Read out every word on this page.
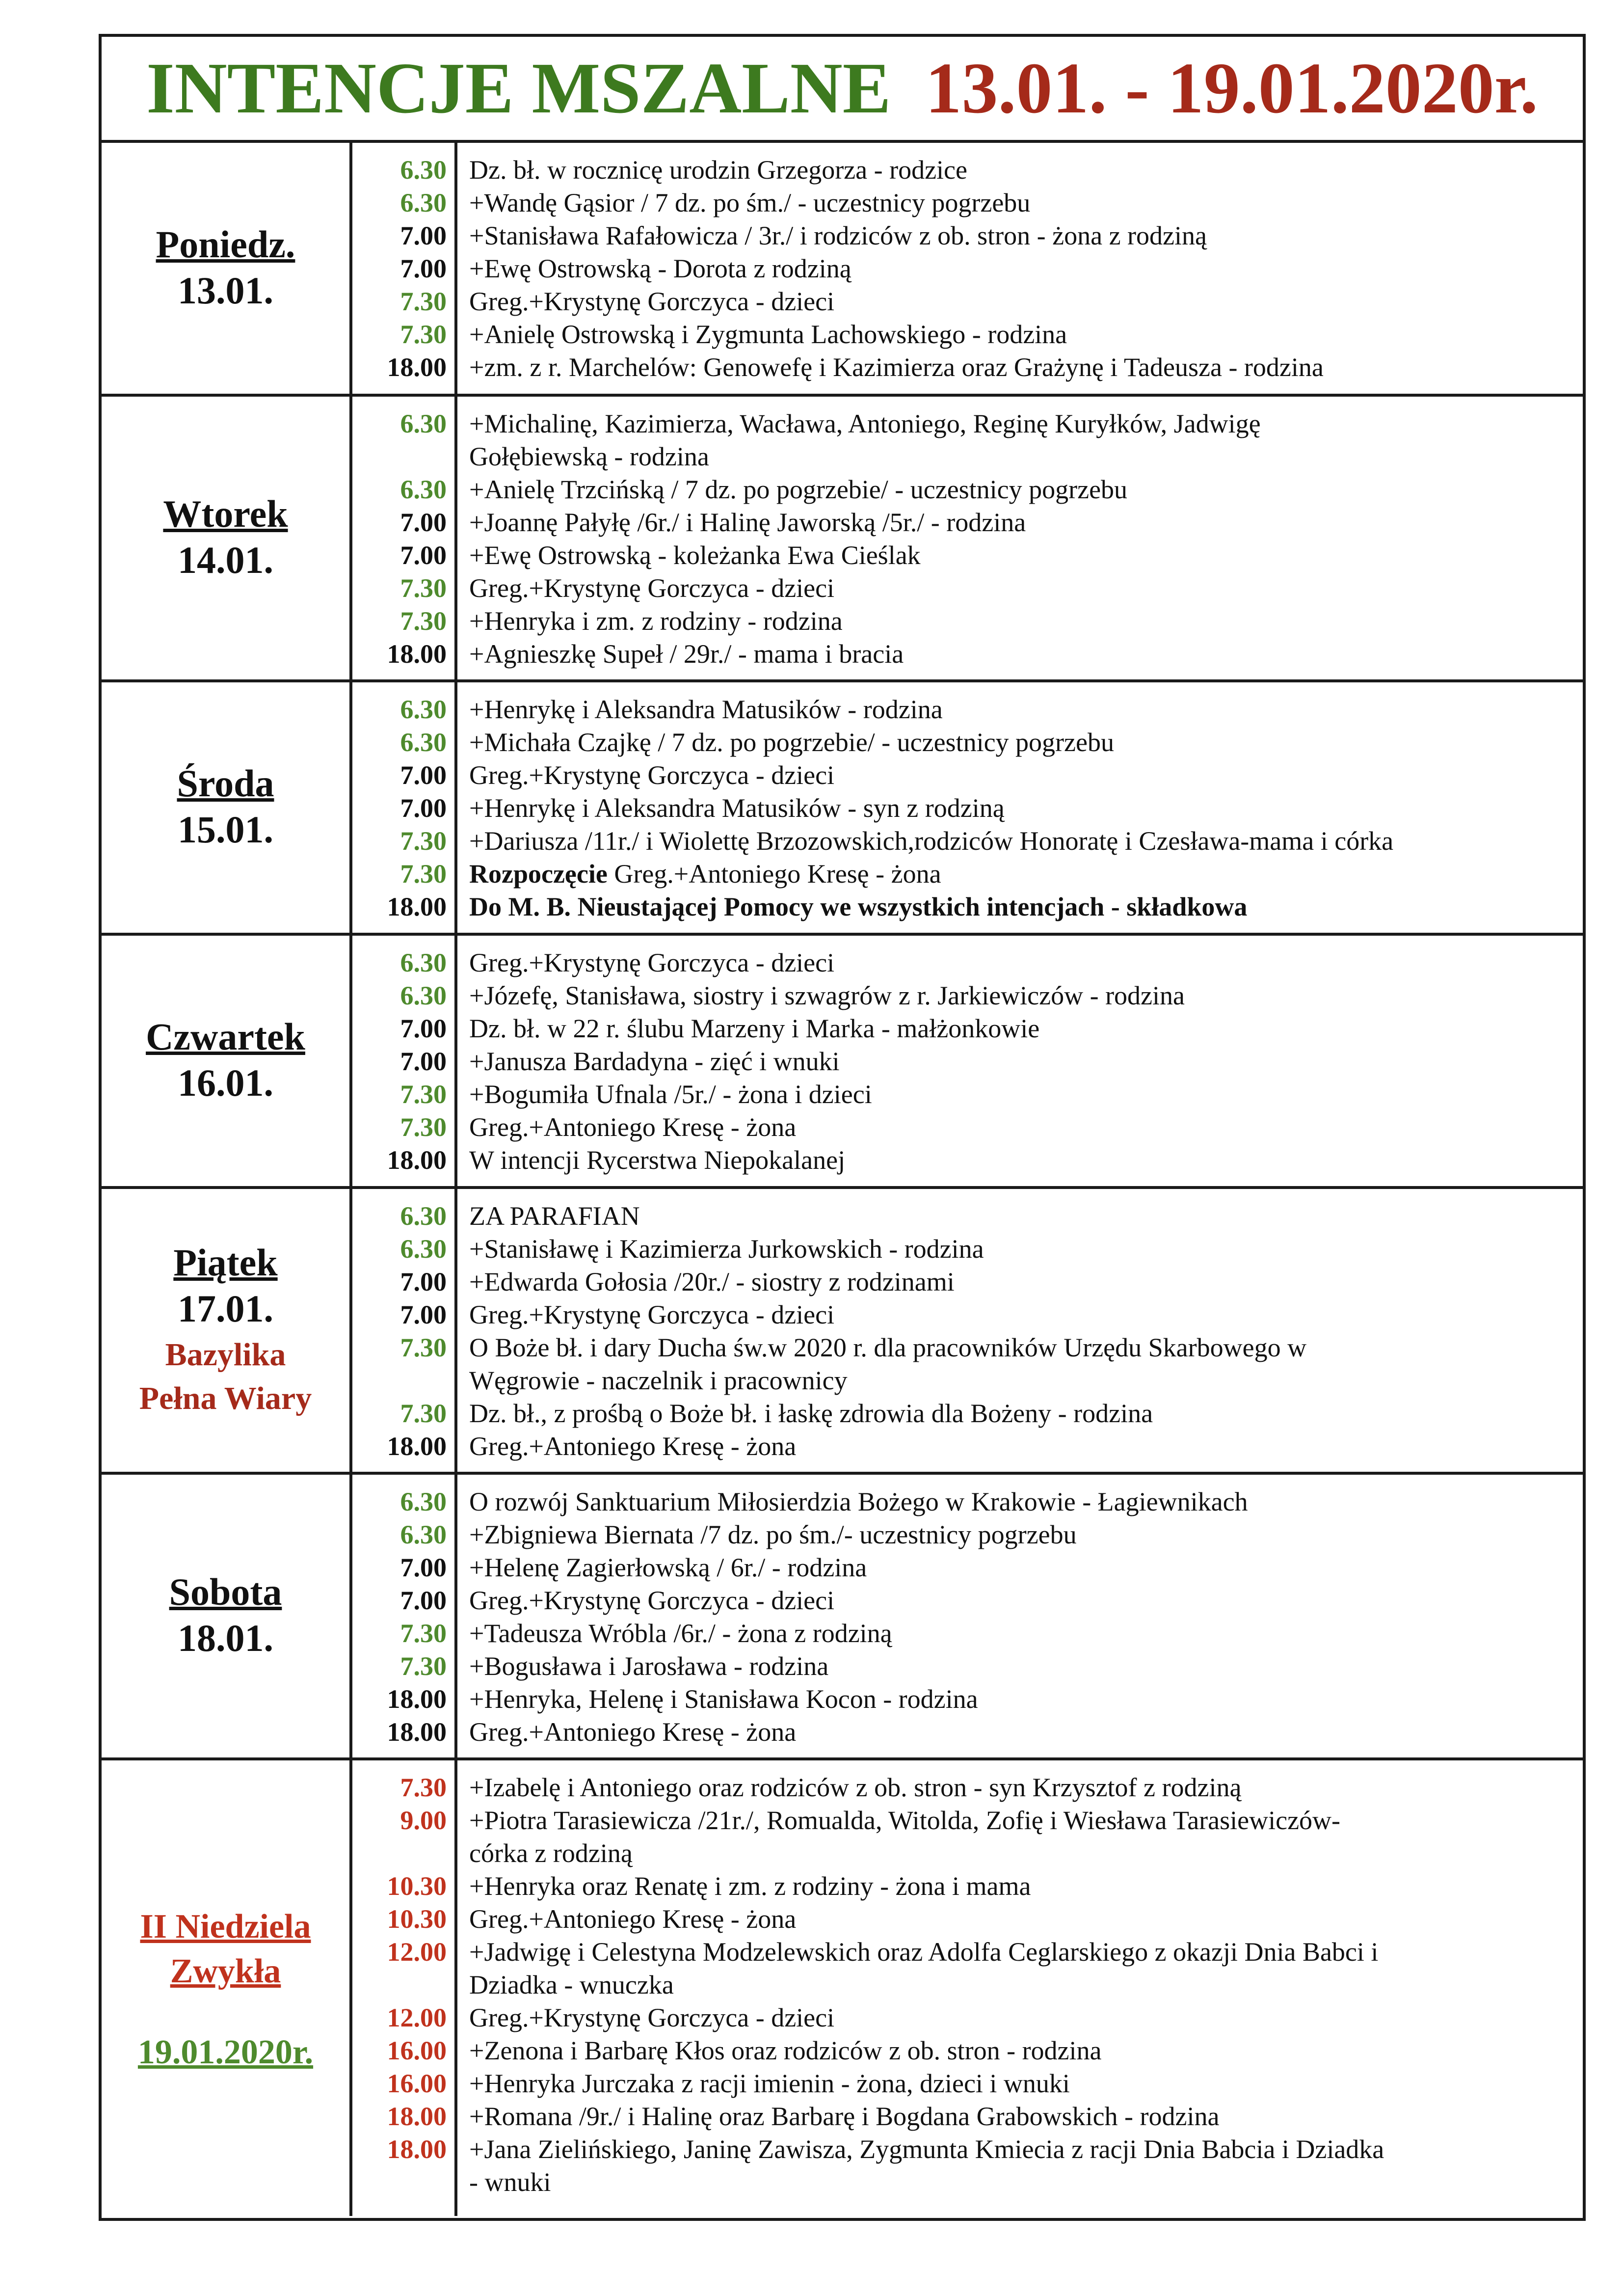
INTENCJE MSZALNE 13.01. - 19.01.2020r.
Poniedz.
13.01.
6.30
6.30
7.00
7.00
7.30
7.30
18.00
Dz. bł. w rocznicę urodzin Grzegorza - rodzice
+Wandę Gąsior / 7 dz. po śm./ - uczestnicy pogrzebu
+Stanisława Rafałowicza / 3r./ i rodziców z ob. stron - żona z rodziną
+Ewę Ostrowską - Dorota z rodziną
Greg.+Krystynę Gorczyca - dzieci
+Anielę Ostrowską i Zygmunta Lachowskiego - rodzina
+zm. z r. Marchelów: Genowefę i Kazimierza oraz Grażynę i Tadeusza - rodzina
Wtorek
14.01.
6.30
6.30
7.00
7.00
7.30
7.30
18.00
+Michalinę, Kazimierza, Wacława, Antoniego, Reginę Kuryłków, Jadwigę
Gołębiewską - rodzina
+Anielę Trzcińską / 7 dz. po pogrzebie/ - uczestnicy pogrzebu
+Joannę Pałyłę /6r./ i Halinę Jaworską /5r./ - rodzina
+Ewę Ostrowską - koleżanka Ewa Cieślak
Greg.+Krystynę Gorczyca - dzieci
+Henryka i zm. z rodziny - rodzina
+Agnieszkę Supeł / 29r./ - mama i bracia
Środa
15.01.
6.30
6.30
7.00
7.00
7.30
7.30
18.00
+Henrykę i Aleksandra Matusików - rodzina
+Michała Czajkę / 7 dz. po pogrzebie/ - uczestnicy pogrzebu
Greg.+Krystynę Gorczyca - dzieci
+Henrykę i Aleksandra Matusików - syn z rodziną
+Dariusza /11r./ i Wiolettę Brzozowskich,rodziców Honoratę i Czesława-mama i córka
Rozpoczęcie Greg.+Antoniego Kresę - żona
Do M. B. Nieustającej Pomocy we wszystkich intencjach - składkowa
Czwartek
16.01.
6.30
6.30
7.00
7.00
7.30
7.30
18.00
Greg.+Krystynę Gorczyca - dzieci
+Józefę, Stanisława, siostry i szwagrów z r. Jarkiewiczów - rodzina
Dz. bł. w 22 r. ślubu Marzeny i Marka - małżonkowie
+Janusza Bardadyna - zięć i wnuki
+Bogumiła Ufnala /5r./ - żona i dzieci
Greg.+Antoniego Kresę - żona
W intencji Rycerstwa Niepokalanej
Piątek
17.01.
Bazylika
Pełna Wiary
6.30
6.30
7.00
7.00
7.30
7.30
18.00
ZA PARAFIAN
+Stanisławę i Kazimierza Jurkowskich - rodzina
+Edwarda Gołosia /20r./ - siostry z rodzinami
Greg.+Krystynę Gorczyca - dzieci
O Boże bł. i dary Ducha św.w 2020 r. dla pracowników Urzędu Skarbowego w
Węgrowie - naczelnik i pracownicy
Dz. bł., z prośbą o Boże bł. i łaskę zdrowia dla Bożeny - rodzina
Greg.+Antoniego Kresę - żona
Sobota
18.01.
6.30
6.30
7.00
7.00
7.30
7.30
18.00
18.00
O rozwój Sanktuarium Miłosierdzia Bożego w Krakowie - Łagiewnikach
+Zbigniewa Biernata /7 dz. po śm./- uczestnicy pogrzebu
+Helenę Zagierłowską / 6r./ - rodzina
Greg.+Krystynę Gorczyca - dzieci
+Tadeusza Wróbla /6r./ - żona z rodziną
+Bogusława i Jarosława - rodzina
+Henryka, Helenę i Stanisława Kocon - rodzina
Greg.+Antoniego Kresę - żona
II Niedziela
Zwykła
19.01.2020r.
7.30
9.00
10.30
10.30
12.00
12.00
16.00
16.00
18.00
18.00
+Izabelę i Antoniego oraz rodziców z ob. stron - syn Krzysztof z rodziną
+Piotra Tarasiewicza /21r./, Romualda, Witolda, Zofię i Wiesława Tarasiewiczów-
córka z rodziną
+Henryka oraz Renatę i zm. z rodziny - żona i mama
Greg.+Antoniego Kresę - żona
+Jadwigę i Celestyna Modzelewskich oraz Adolfa Ceglarskiego z okazji Dnia Babci i
Dziadka - wnuczka
Greg.+Krystynę Gorczyca - dzieci
+Zenona i Barbarę Kłos oraz rodziców z ob. stron - rodzina
+Henryka Jurczaka z racji imienin - żona, dzieci i wnuki
+Romana /9r./ i Halinę oraz Barbarę i Bogdana Grabowskich - rodzina
+Jana Zielińskiego, Janinę Zawisza, Zygmunta Kmiecia z racji Dnia Babcia i Dziadka
- wnuki
